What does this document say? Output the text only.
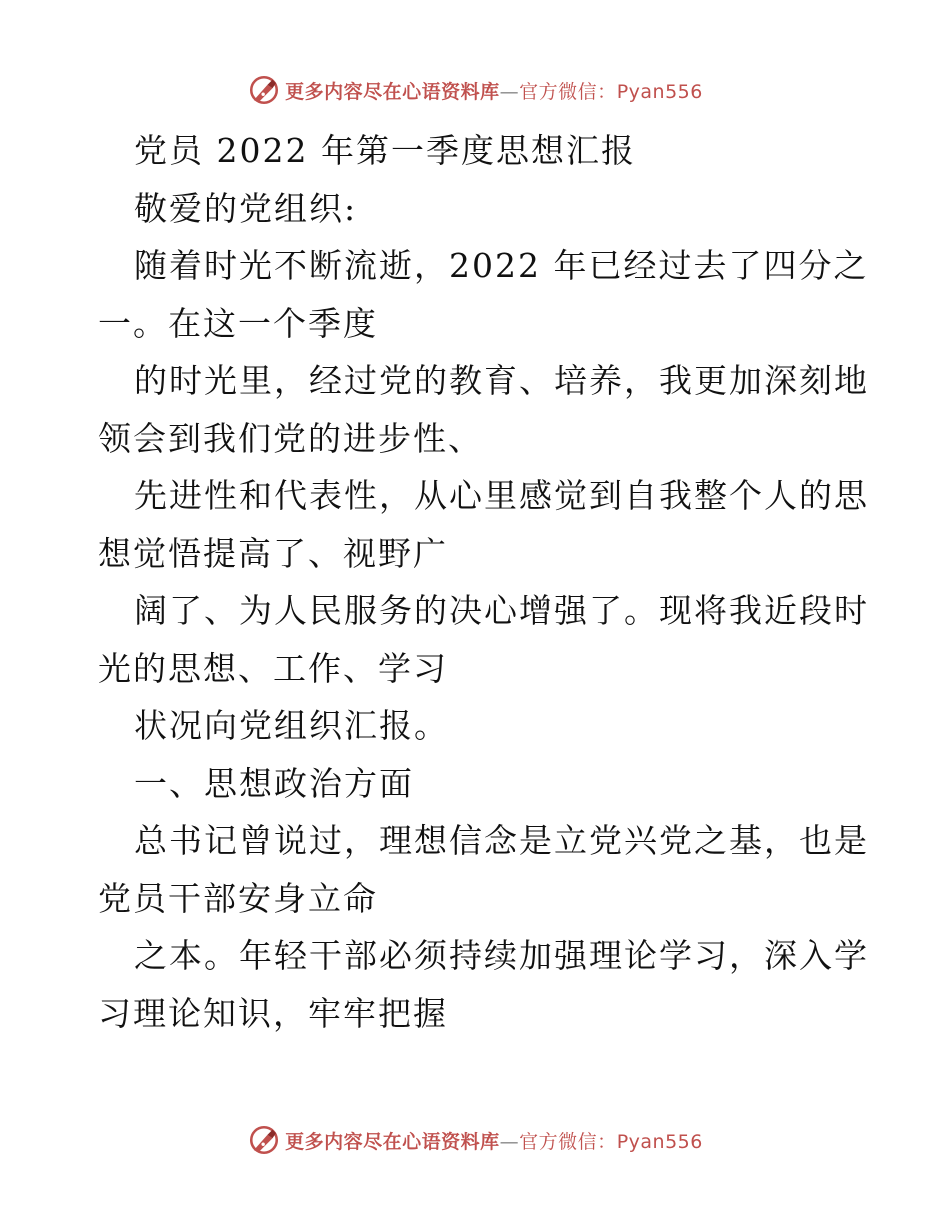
更多内容尽在心语资料库—官方微信：Pyan556
党员 2022 年第一季度思想汇报
敬爱的党组织:
随着时光不断流逝，2022 年已经过去了四分之
一。在这一个季度
的时光里，经过党的教育、培养，我更加深刻地
领会到我们党的进步性、
先进性和代表性，从心里感觉到自我整个人的思
想觉悟提高了、视野广
阔了、为人民服务的决心增强了。现将我近段时
光的思想、工作、学习
状况向党组织汇报。
一、思想政治方面
总书记曾说过，理想信念是立党兴党之基，也是
党员干部安身立命
之本。年轻干部必须持续加强理论学习，深入学
习理论知识，牢牢把握
更多内容尽在心语资料库—官方微信：Pyan556
